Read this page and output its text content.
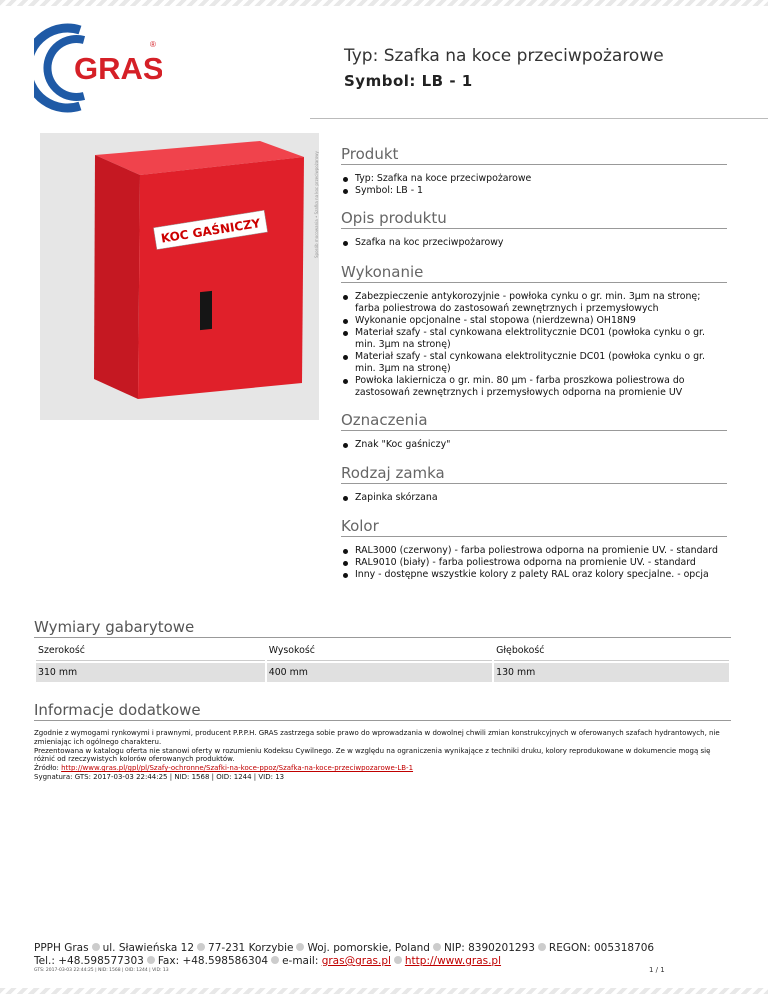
GRAS
®
Typ: Szafka na koce przeciwpożarowe
Symbol: LB - 1
KOC GAŚNICZY	Sposób mocowania • Szafka na koc przeciwpożarowy Produkt
Typ: Szafka na koce przeciwpożarowe
Symbol: LB - 1
Opis produktu
Szafka na koc przeciwpożarowy
Wykonanie
Zabezpieczenie antykorozyjnie - powłoka cynku o gr. min. 3µm na stronę; farba poliestrowa do zastosowań zewnętrznych i przemysłowych
Wykonanie opcjonalne - stal stopowa (nierdzewna) OH18N9
Materiał szafy - stal cynkowana elektrolitycznie DC01 (powłoka cynku o gr. min. 3µm na stronę)
Materiał szafy - stal cynkowana elektrolitycznie DC01 (powłoka cynku o gr. min. 3µm na stronę)
Powłoka lakiernicza o gr. min. 80 µm - farba proszkowa poliestrowa do zastosowań zewnętrznych i przemysłowych odporna na promienie UV
Oznaczenia
Znak "Koc gaśniczy"
Rodzaj zamka
Zapinka skórzana
Kolor
RAL3000 (czerwony) - farba poliestrowa odporna na promienie UV. - standard
RAL9010 (biały) - farba poliestrowa odporna na promienie UV. - standard
Inny - dostępne wszystkie kolory z palety RAL oraz kolory specjalne. - opcja
Wymiary gabarytowe
Szerokość	Wysokość	Głębokość
310 mm	400 mm	130 mm
Informacje dodatkowe
Zgodnie z wymogami rynkowymi i prawnymi, producent P.P.P.H. GRAS zastrzega sobie prawo do wprowadzania w dowolnej chwili zmian konstrukcyjnych w oferowanych szafach hydrantowych, nie zmieniając ich ogólnego charakteru.
Prezentowana w katalogu oferta nie stanowi oferty w rozumieniu Kodeksu Cywilnego. Ze w względu na ograniczenia wynikające z techniki druku, kolory reprodukowane w dokumencie mogą się różnić od rzeczywistych kolorów oferowanych produktów.
Źródło: http://www.gras.pl/gpl/pl/Szafy-ochronne/Szafki-na-koce-ppoz/Szafka-na-koce-przeciwpozarowe-LB-1
Sygnatura: GTS: 2017-03-03 22:44:25 | NID: 1568 | OID: 1244 | VID: 13
PPPH Gras ul. Sławieńska 12 77-231 Korzybie Woj. pomorskie, Poland NIP: 8390201293 REGON: 005318706
Tel.: +48.598577303 Fax: +48.598586304 e-mail: gras@gras.pl http://www.gras.pl
GTS: 2017-03-03 22:44:25 | NID: 1568 | OID: 1244 | VID: 13	1 / 1
